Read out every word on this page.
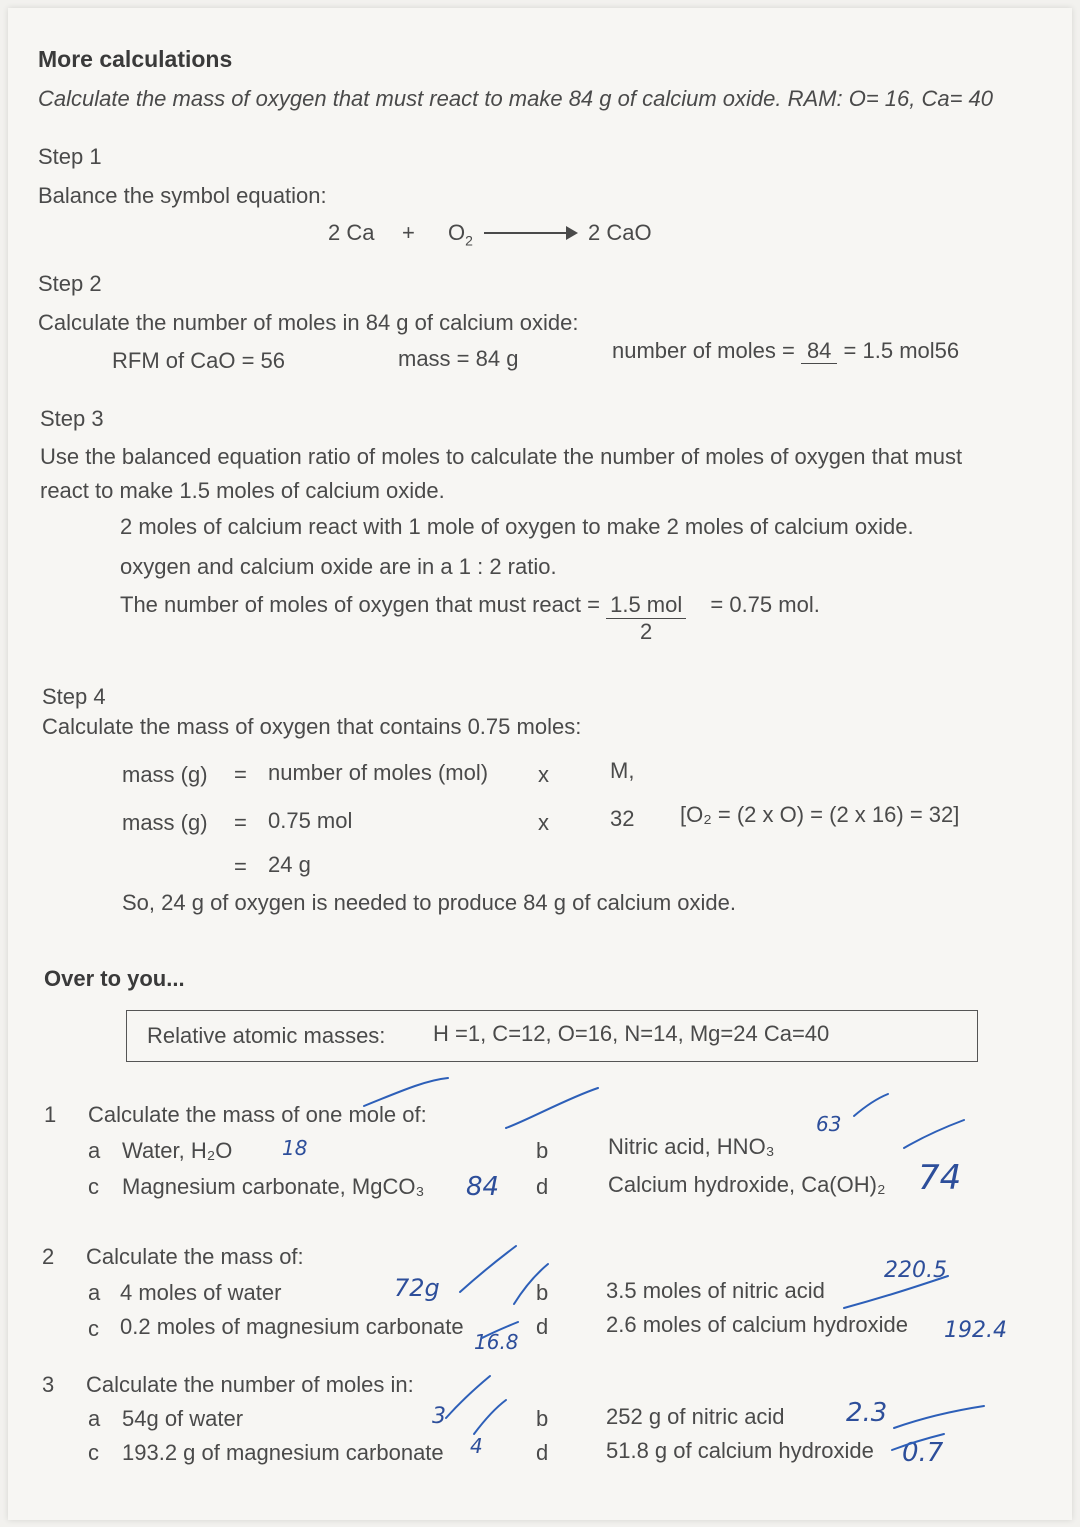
More calculations
Calculate the mass of oxygen that must react to make 84 g of calcium oxide. RAM: O= 16, Ca= 40
Step 1
Balance the symbol equation:
2 $Ca + O_2$	2 CaO
Step 2
Calculate the number of moles in 84 g of calcium oxide:
RFM of CaO = 56	mass = 84 g	number of moles = 84 = 1.5 mol56
Step 3
Use the balanced equation ratio of moles to calculate the number of moles of oxygen that must
react to make 1.5 moles of calcium oxide.
2 moles of calcium react with 1 mole of oxygen to make 2 moles of calcium oxide.
oxygen and calcium oxide are in a 1 : 2 ratio.
The number of moles of oxygen that must react = $\frac{\text{1.5 mol}}{2} = 0.75$ mol.
Step 4
Calculate the mass of oxygen that contains 0.75 moles:
mass (g) = number of moles (mol) x	M,
mass (g) = 0.75 mol	x	32 [O₂ = (2 x O) = (2 x 16) = 32]
= 24 g
So, 24 g of oxygen is needed to produce 84 g of calcium oxide.
Over to you...
Relative atomic masses: H =1, C=12, O=16, N=14, Mg=24 Ca=40
1 Calculate the mass of one mole of:
a Water, H₂O	b	Nitric acid, HNO₃
c Magnesium carbonate, MgCO₃	d	Calcium hydroxide, Ca(OH)₂
18
63
84	74
2 Calculate the mass of:
a 4 moles of water	b	3.5 moles of nitric acid
c 0.2 moles of magnesium carbonate	d	2.6 moles of calcium hydroxide
72g
220.5
16.8	192.4
3 Calculate the number of moles in:
a 54g of water	b	252 g of nitric acid
c 193.2 g of magnesium carbonate	d	51.8 g of calcium hydroxide
3	2.3
4	0.7
